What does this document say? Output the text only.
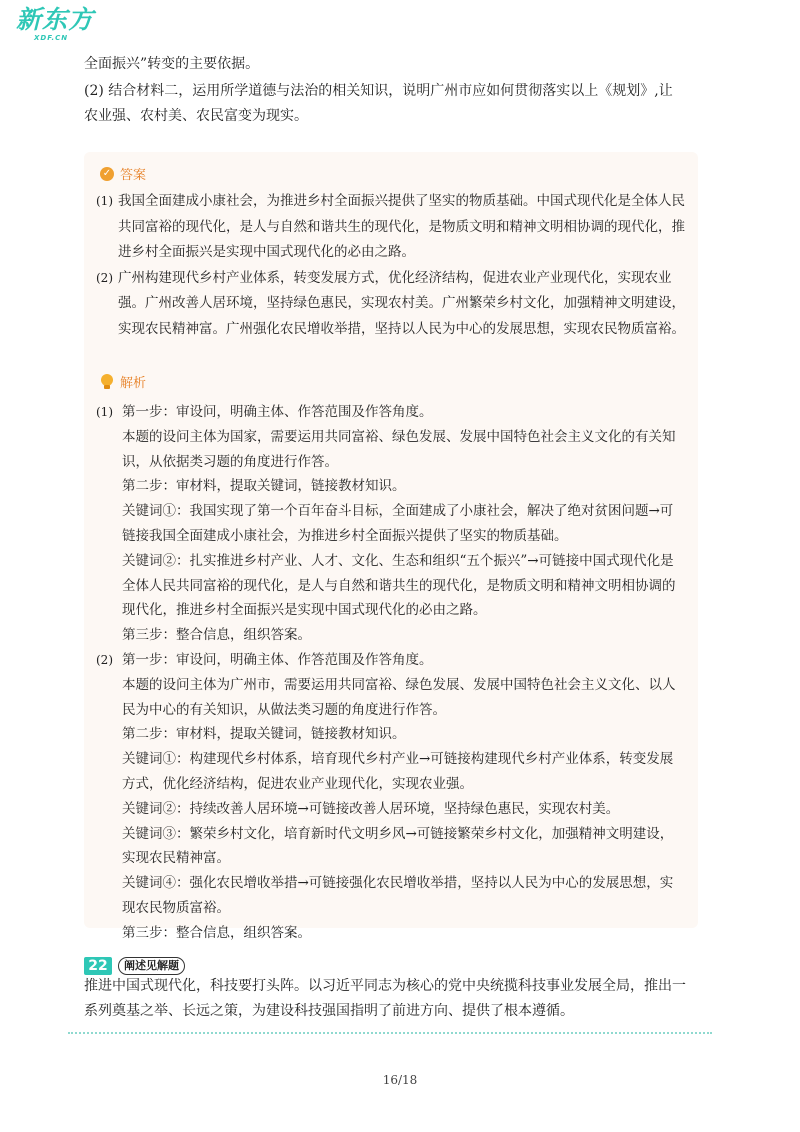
新东方
XDF.CN

全面振兴”转变的主要依据。

(2) 结合材料二，运用所学道德与法治的相关知识，说明广州市应如何贯彻落实以上《规划》,让

农业强、农村美、农民富变为现实。

✓ 答案
(1) 我国全面建成小康社会，为推进乡村全面振兴提供了坚实的物质基础。中国式现代化是全体人民共同富裕的现代化，是人与自然和谐共生的现代化，是物质文明和精神文明相协调的现代化，推进乡村全面振兴是实现中国式现代化的必由之路。
(2) 广州构建现代乡村产业体系，转变发展方式，优化经济结构，促进农业产业现代化，实现农业强。广州改善人居环境，坚持绿色惠民，实现农村美。广州繁荣乡村文化，加强精神文明建设，实现农民精神富。广州强化农民增收举措，坚持以人民为中心的发展思想，实现农民物质富裕。
解析
(1) 第一步：审设问，明确主体、作答范围及作答角度。
本题的设问主体为国家，需要运用共同富裕、绿色发展、发展中国特色社会主义文化的有关知识，从依据类习题的角度进行作答。
第二步：审材料，提取关键词，链接教材知识。
关键词①：我国实现了第一个百年奋斗目标，全面建成了小康社会，解决了绝对贫困问题→可链接我国全面建成小康社会，为推进乡村全面振兴提供了坚实的物质基础。
关键词②：扎实推进乡村产业、人才、文化、生态和组织“五个振兴”→可链接中国式现代化是全体人民共同富裕的现代化，是人与自然和谐共生的现代化，是物质文明和精神文明相协调的现代化，推进乡村全面振兴是实现中国式现代化的必由之路。
第三步：整合信息，组织答案。
(2) 第一步：审设问，明确主体、作答范围及作答角度。
本题的设问主体为广州市，需要运用共同富裕、绿色发展、发展中国特色社会主义文化、以人民为中心的有关知识，从做法类习题的角度进行作答。
第二步：审材料，提取关键词，链接教材知识。
关键词①：构建现代乡村体系，培育现代乡村产业→可链接构建现代乡村产业体系，转变发展方式，优化经济结构，促进农业产业现代化，实现农业强。
关键词②：持续改善人居环境→可链接改善人居环境，坚持绿色惠民，实现农村美。
关键词③：繁荣乡村文化，培育新时代文明乡风→可链接繁荣乡村文化，加强精神文明建设，实现农民精神富。
关键词④：强化农民增收举措→可链接强化农民增收举措，坚持以人民为中心的发展思想，实现农民物质富裕。
第三步：整合信息，组织答案。
22	阐述见解题

推进中国式现代化，科技要打头阵。以习近平同志为核心的党中央统揽科技事业发展全局，推出一

系列奠基之举、长远之策，为建设科技强国指明了前进方向、提供了根本遵循。

16/18
